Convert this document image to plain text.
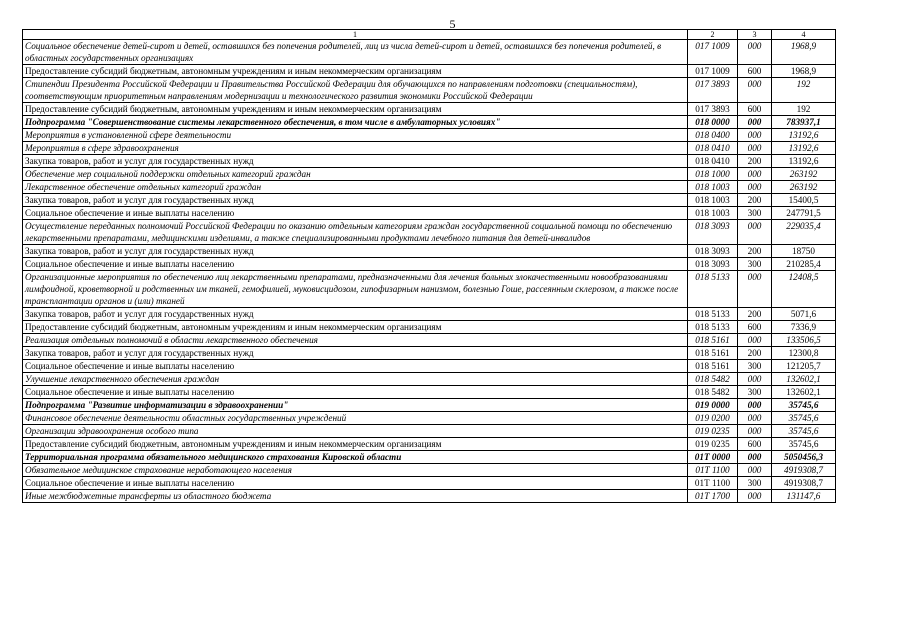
5
1	2	3	4
Социальное обеспечение детей-сирот и детей, оставшихся без попечения родителей, лиц из числа детей-сирот и детей, оставшихся без попечения родителей, в областных государственных организациях	017 1009	000	1968,9
Предоставление субсидий бюджетным, автономным учреждениям и иным некоммерческим организациям	017 1009	600	1968,9
Стипендии Президента Российской Федерации и Правительства Российской Федерации для обучающихся по направлениям подготовки (специальностям), соответствующим приоритетным направлениям модернизации и технологического развития экономики Российской Федерации	017 3893	000	192
Предоставление субсидий бюджетным, автономным учреждениям и иным некоммерческим организациям	017 3893	600	192
Подпрограмма "Совершенствование системы лекарственного обеспечения, в том числе в амбулаторных условиях"	018 0000	000	783937,1
Мероприятия в установленной сфере деятельности	018 0400	000	13192,6
Мероприятия в сфере здравоохранения	018 0410	000	13192,6
Закупка товаров, работ и услуг для государственных нужд	018 0410	200	13192,6
Обеспечение мер социальной поддержки отдельных категорий граждан	018 1000	000	263192
Лекарственное обеспечение отдельных категорий граждан	018 1003	000	263192
Закупка товаров, работ и услуг для государственных нужд	018 1003	200	15400,5
Социальное обеспечение и иные выплаты населению	018 1003	300	247791,5
Осуществление переданных полномочий Российской Федерации по оказанию отдельным категориям граждан государственной социальной помощи по обеспечению лекарственными препаратами, медицинскими изделиями, а также специализированными продуктами лечебного питания для детей-инвалидов	018 3093	000	229035,4
Закупка товаров, работ и услуг для государственных нужд	018 3093	200	18750
Социальное обеспечение и иные выплаты населению	018 3093	300	210285,4
Организационные мероприятия по обеспечению лиц лекарственными препаратами, предназначенными для лечения больных злокачественными новообразованиями лимфоидной, кроветворной и родственных им тканей, гемофилией, муковисцидозом, гипофизарным нанизмом, болезнью Гоше, рассеянным склерозом, а также после трансплантации органов и (или) тканей	018 5133	000	12408,5
Закупка товаров, работ и услуг для государственных нужд	018 5133	200	5071,6
Предоставление субсидий бюджетным, автономным учреждениям и иным некоммерческим организациям	018 5133	600	7336,9
Реализация отдельных полномочий в области лекарственного обеспечения	018 5161	000	133506,5
Закупка товаров, работ и услуг для государственных нужд	018 5161	200	12300,8
Социальное обеспечение и иные выплаты населению	018 5161	300	121205,7
Улучшение лекарственного обеспечения граждан	018 5482	000	132602,1
Социальное обеспечение и иные выплаты населению	018 5482	300	132602,1
Подпрограмма "Развитие информатизации в здравоохранении"	019 0000	000	35745,6
Финансовое обеспечение деятельности областных государственных учреждений	019 0200	000	35745,6
Организации здравоохранения особого типа	019 0235	000	35745,6
Предоставление субсидий бюджетным, автономным учреждениям и иным некоммерческим организациям	019 0235	600	35745,6
Территориальная программа обязательного медицинского страхования Кировской области	01Т 0000	000	5050456,3
Обязательное медицинское страхование неработающего населения	01Т 1100	000	4919308,7
Социальное обеспечение и иные выплаты населению	01Т 1100	300	4919308,7
Иные межбюджетные трансферты из областного бюджета	01Т 1700	000	131147,6
